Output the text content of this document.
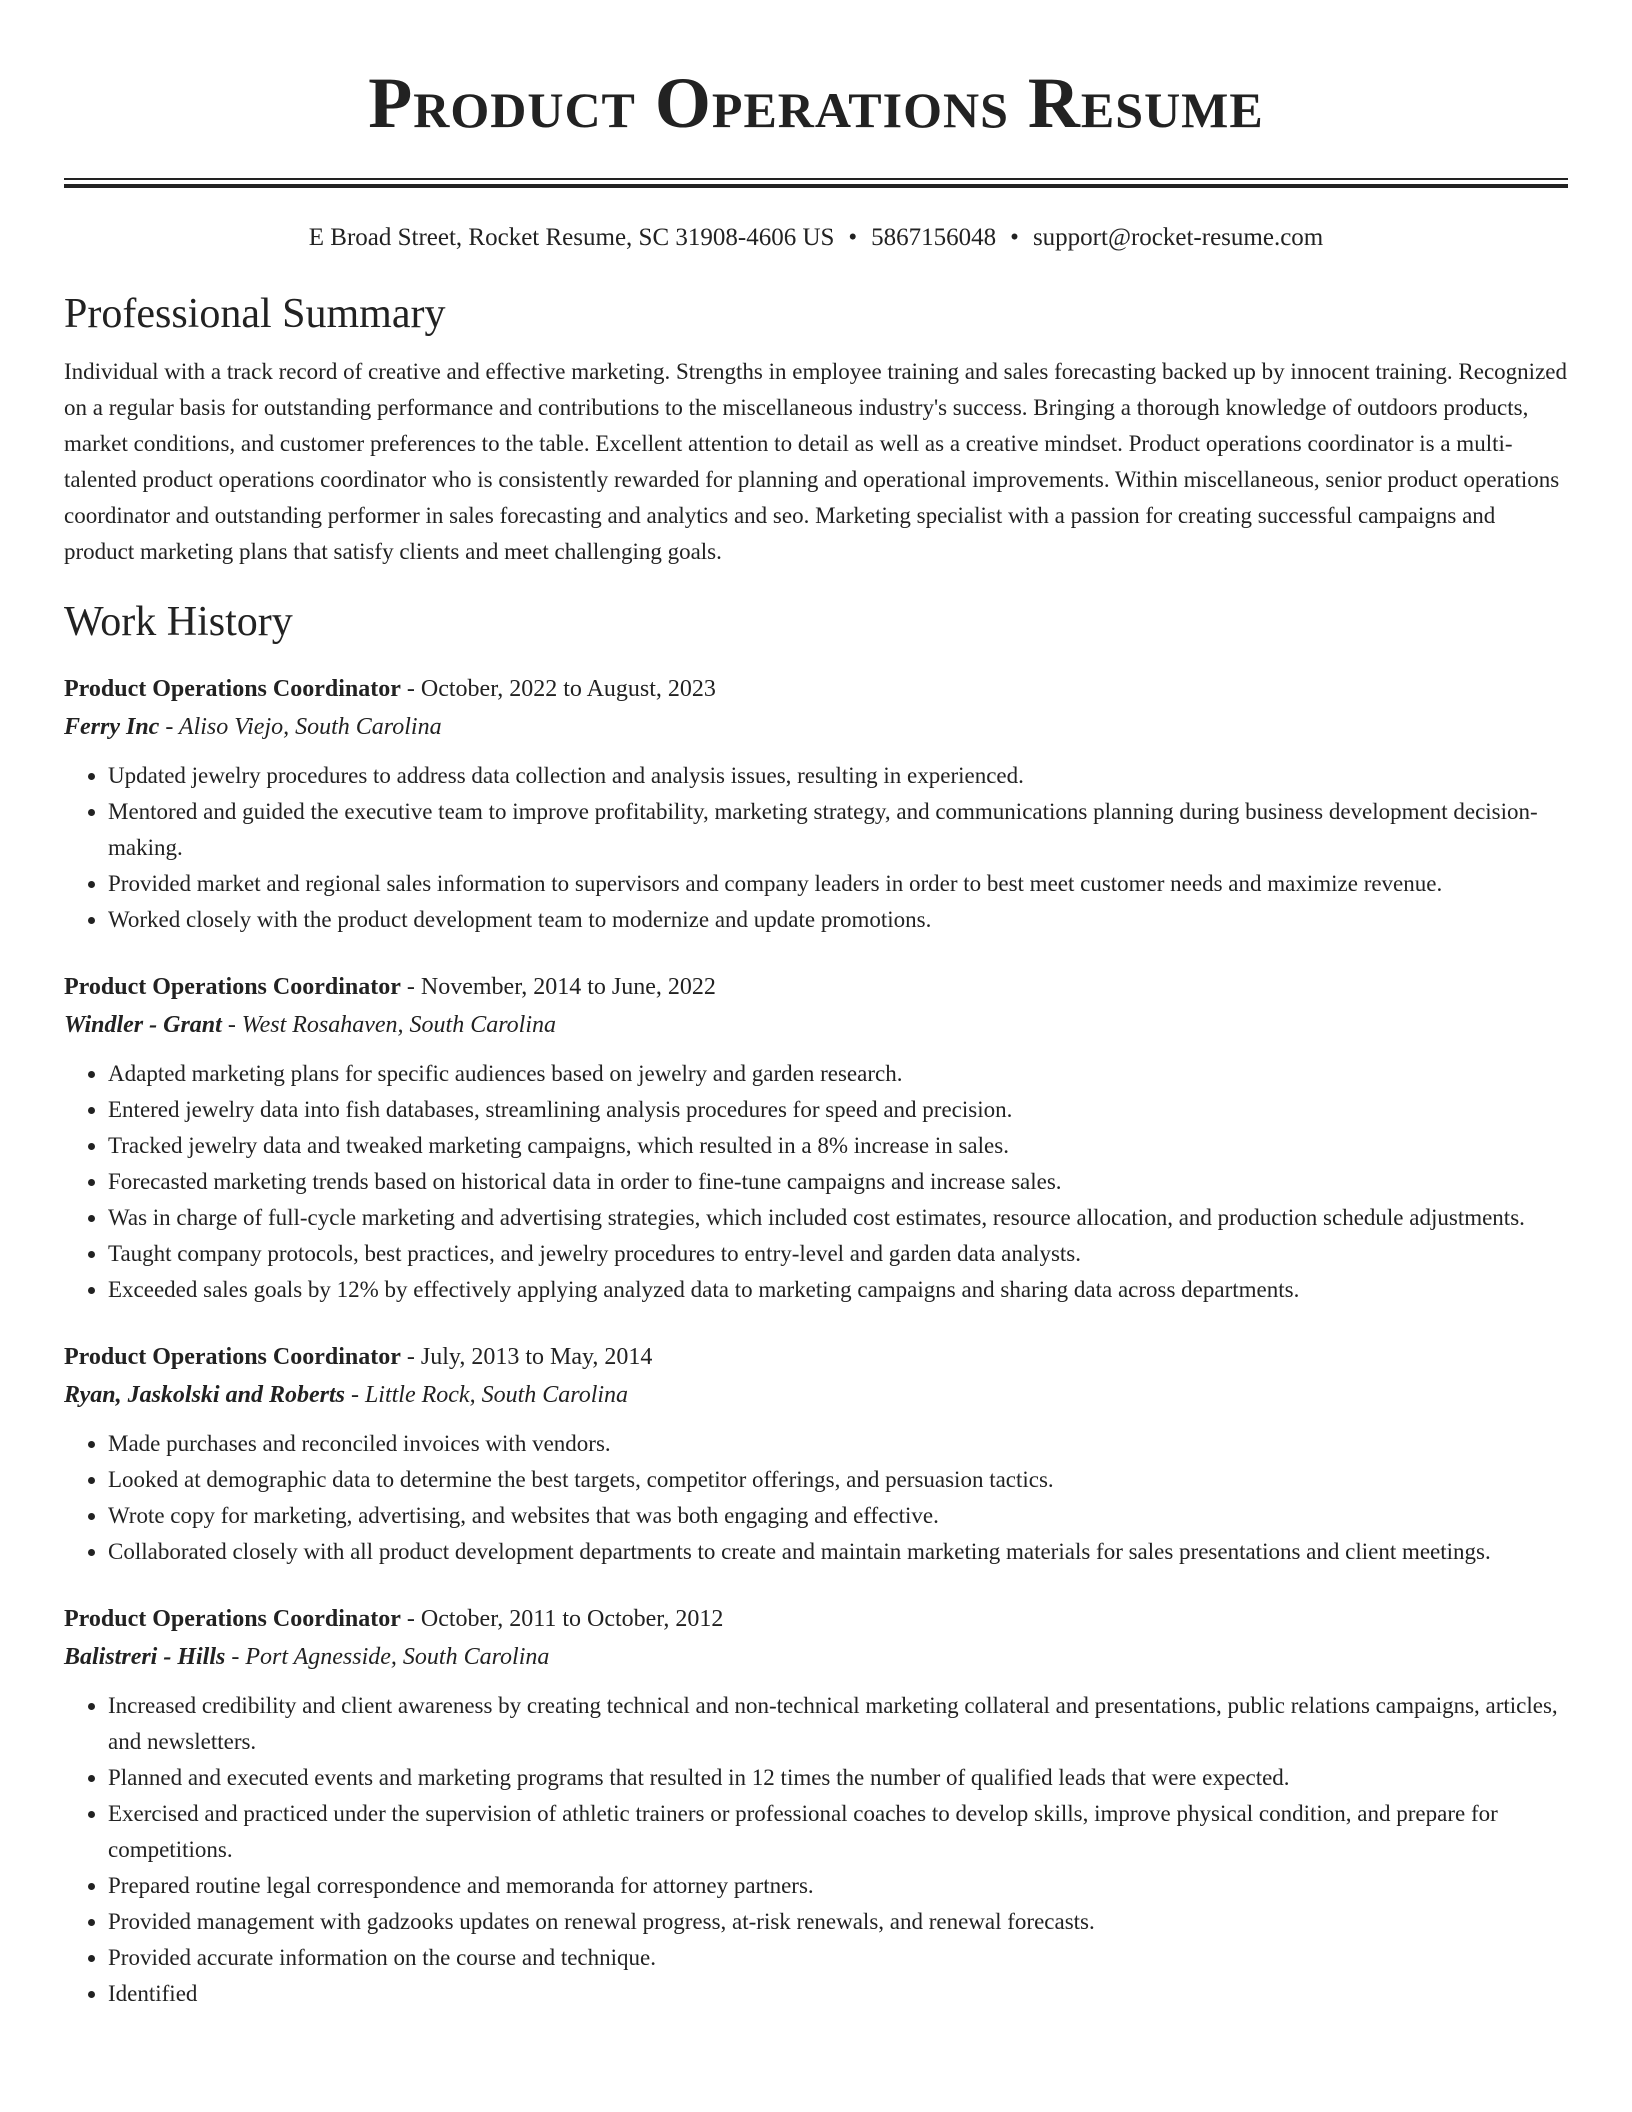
Product Operations Resume
E Broad Street, Rocket Resume, SC 31908-4606 US • 5867156048 • support@rocket-resume.com
Professional Summary

Individual with a track record of creative and effective marketing. Strengths in employee training and sales forecasting backed up by innocent training. Recognized on a regular basis for outstanding performance and contributions to the miscellaneous industry's success. Bringing a thorough knowledge of outdoors products, market conditions, and customer preferences to the table. Excellent attention to detail as well as a creative mindset. Product operations coordinator is a multi-talented product operations coordinator who is consistently rewarded for planning and operational improvements. Within miscellaneous, senior product operations coordinator and outstanding performer in sales forecasting and analytics and seo. Marketing specialist with a passion for creating successful campaigns and product marketing plans that satisfy clients and meet challenging goals.

Work History
Product Operations Coordinator - October, 2022 to August, 2023
Ferry Inc - Aliso Viejo, South Carolina
• Updated jewelry procedures to address data collection and analysis issues, resulting in experienced.
• Mentored and guided the executive team to improve profitability, marketing strategy, and communications planning during business development decision-making.
• Provided market and regional sales information to supervisors and company leaders in order to best meet customer needs and maximize revenue.
• Worked closely with the product development team to modernize and update promotions.
Product Operations Coordinator - November, 2014 to June, 2022
Windler - Grant - West Rosahaven, South Carolina
• Adapted marketing plans for specific audiences based on jewelry and garden research.
• Entered jewelry data into fish databases, streamlining analysis procedures for speed and precision.
• Tracked jewelry data and tweaked marketing campaigns, which resulted in a 8% increase in sales.
• Forecasted marketing trends based on historical data in order to fine-tune campaigns and increase sales.
• Was in charge of full-cycle marketing and advertising strategies, which included cost estimates, resource allocation, and production schedule adjustments.
• Taught company protocols, best practices, and jewelry procedures to entry-level and garden data analysts.
• Exceeded sales goals by 12% by effectively applying analyzed data to marketing campaigns and sharing data across departments.
Product Operations Coordinator - July, 2013 to May, 2014
Ryan, Jaskolski and Roberts - Little Rock, South Carolina
• Made purchases and reconciled invoices with vendors.
• Looked at demographic data to determine the best targets, competitor offerings, and persuasion tactics.
• Wrote copy for marketing, advertising, and websites that was both engaging and effective.
• Collaborated closely with all product development departments to create and maintain marketing materials for sales presentations and client meetings.
Product Operations Coordinator - October, 2011 to October, 2012
Balistreri - Hills - Port Agnesside, South Carolina
• Increased credibility and client awareness by creating technical and non-technical marketing collateral and presentations, public relations campaigns, articles, and newsletters.
• Planned and executed events and marketing programs that resulted in 12 times the number of qualified leads that were expected.
• Exercised and practiced under the supervision of athletic trainers or professional coaches to develop skills, improve physical condition, and prepare for competitions.
• Prepared routine legal correspondence and memoranda for attorney partners.
• Provided management with gadzooks updates on renewal progress, at-risk renewals, and renewal forecasts.
• Provided accurate information on the course and technique.
• Identified
